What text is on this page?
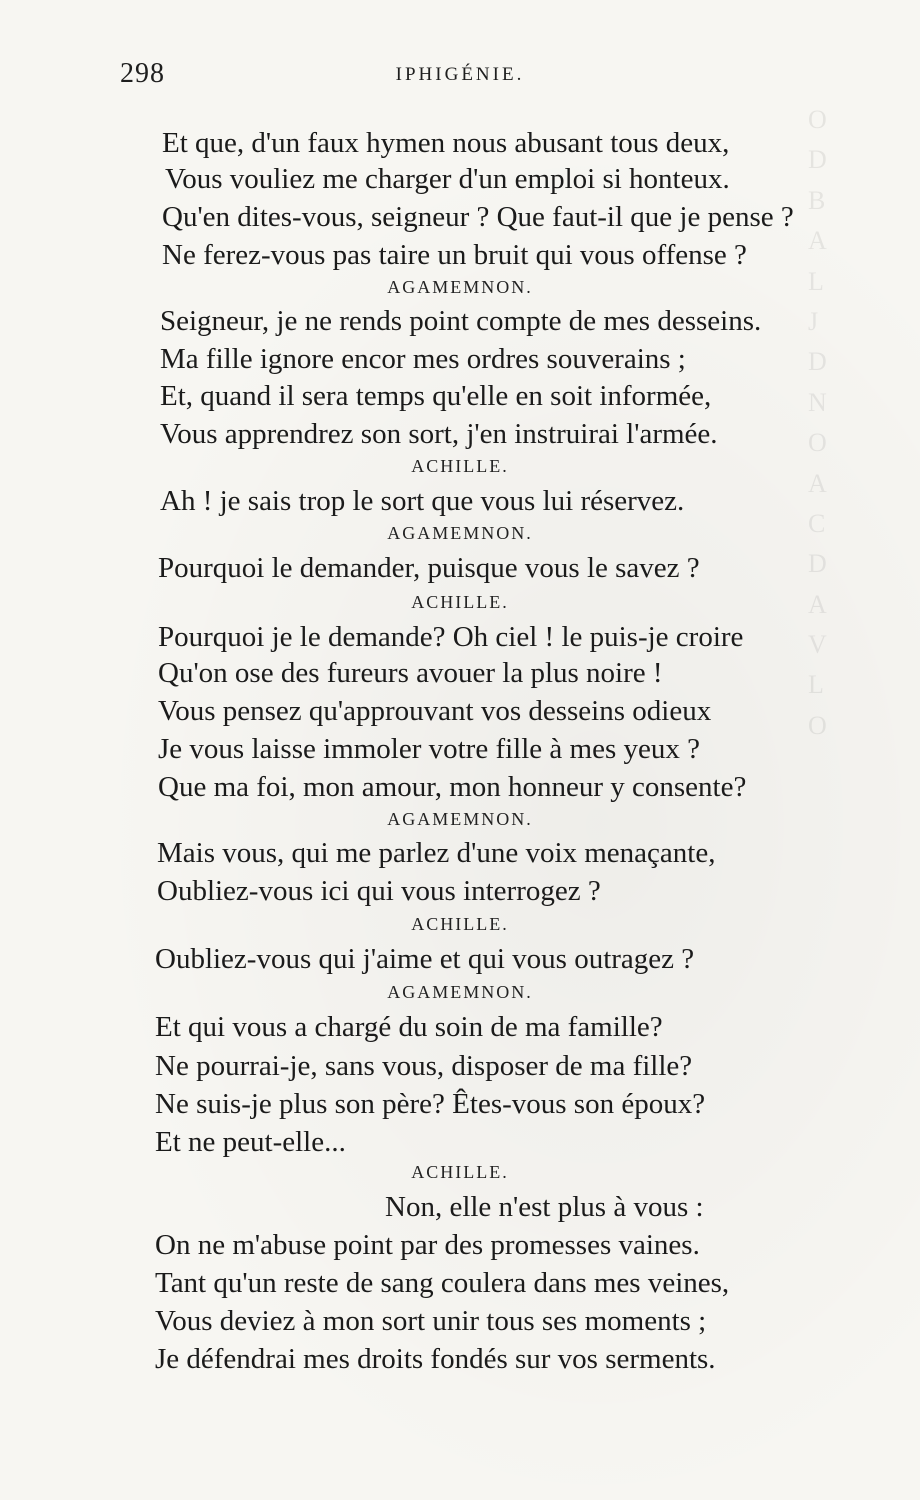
O
D
B
A
L
J
D
N
O
A
C
D
A
V
L
O
298	IPHIGÉNIE.
Et que, d'un faux hymen nous abusant tous deux,
Vous vouliez me charger d'un emploi si honteux.
Qu'en dites-vous, seigneur ? Que faut-il que je pense ?
Ne ferez-vous pas taire un bruit qui vous offense ?
AGAMEMNON.
Seigneur, je ne rends point compte de mes desseins.
Ma fille ignore encor mes ordres souverains ;
Et, quand il sera temps qu'elle en soit informée,
Vous apprendrez son sort, j'en instruirai l'armée.
ACHILLE.
Ah ! je sais trop le sort que vous lui réservez.
AGAMEMNON.
Pourquoi le demander, puisque vous le savez ?
ACHILLE.
Pourquoi je le demande? Oh ciel ! le puis-je croire
Qu'on ose des fureurs avouer la plus noire !
Vous pensez qu'approuvant vos desseins odieux
Je vous laisse immoler votre fille à mes yeux ?
Que ma foi, mon amour, mon honneur y consente?
AGAMEMNON.
Mais vous, qui me parlez d'une voix menaçante,
Oubliez-vous ici qui vous interrogez ?
ACHILLE.
Oubliez-vous qui j'aime et qui vous outragez ?
AGAMEMNON.
Et qui vous a chargé du soin de ma famille?
Ne pourrai-je, sans vous, disposer de ma fille?
Ne suis-je plus son père? Êtes-vous son époux?
Et ne peut-elle...
ACHILLE.
Non, elle n'est plus à vous :
On ne m'abuse point par des promesses vaines.
Tant qu'un reste de sang coulera dans mes veines,
Vous deviez à mon sort unir tous ses moments ;
Je défendrai mes droits fondés sur vos serments.
